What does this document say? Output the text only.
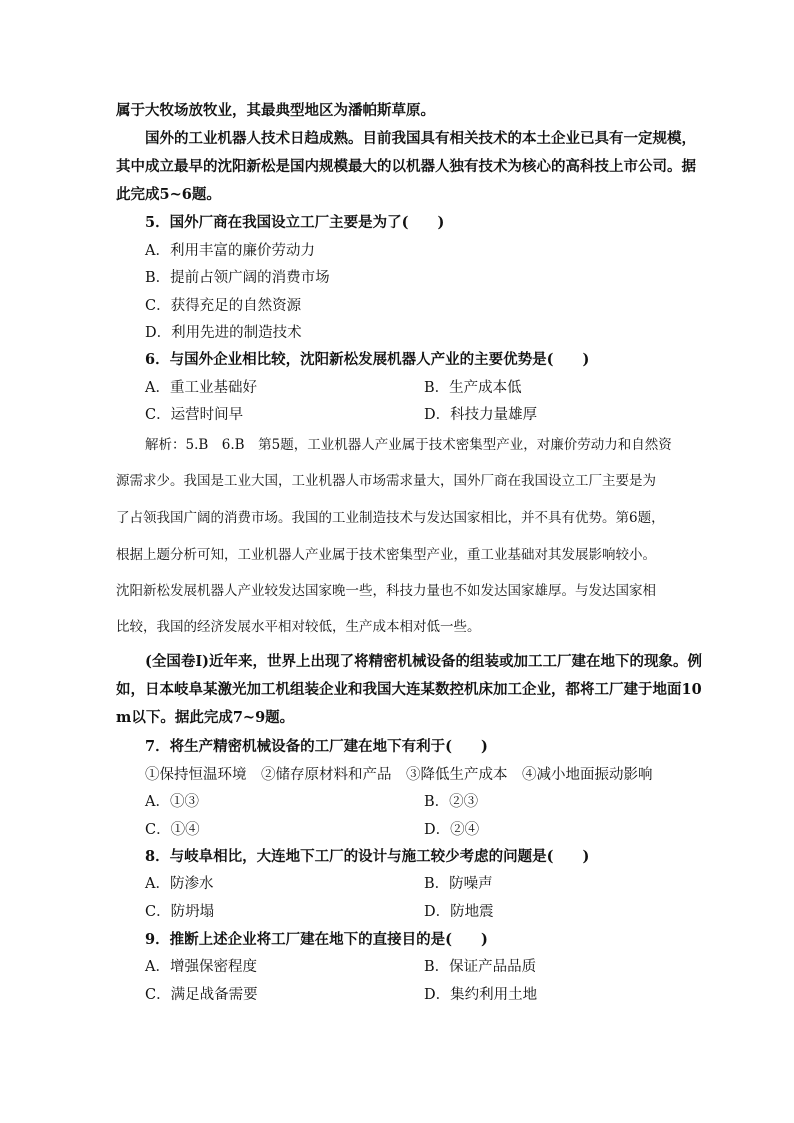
属于大牧场放牧业，其最典型地区为潘帕斯草原。
国外的工业机器人技术日趋成熟。目前我国具有相关技术的本土企业已具有一定规模，
其中成立最早的沈阳新松是国内规模最大的以机器人独有技术为核心的高科技上市公司。据
此完成5~6题。
5．国外厂商在我国设立工厂主要是为了(　　)
A．利用丰富的廉价劳动力
B．提前占领广阔的消费市场
C．获得充足的自然资源
D．利用先进的制造技术
6．与国外企业相比较，沈阳新松发展机器人产业的主要优势是(　　)
A．重工业基础好	B．生产成本低
C．运营时间早	D．科技力量雄厚
解析：5.B　6.B　第5题，工业机器人产业属于技术密集型产业，对廉价劳动力和自然资
源需求少。我国是工业大国，工业机器人市场需求量大，国外厂商在我国设立工厂主要是为
了占领我国广阔的消费市场。我国的工业制造技术与发达国家相比，并不具有优势。第6题，
根据上题分析可知，工业机器人产业属于技术密集型产业，重工业基础对其发展影响较小。
沈阳新松发展机器人产业较发达国家晚一些，科技力量也不如发达国家雄厚。与发达国家相
比较，我国的经济发展水平相对较低，生产成本相对低一些。
(全国卷Ⅰ)近年来，世界上出现了将精密机械设备的组装或加工工厂建在地下的现象。例
如，日本岐阜某激光加工机组装企业和我国大连某数控机床加工企业，都将工厂建于地面10
m以下。据此完成7~9题。
7．将生产精密机械设备的工厂建在地下有利于(　　)
①保持恒温环境　②储存原材料和产品　③降低生产成本　④减小地面振动影响
A．①③	B．②③
C．①④	D．②④
8．与岐阜相比，大连地下工厂的设计与施工较少考虑的问题是(　　)
A．防渗水	B．防噪声
C．防坍塌	D．防地震
9．推断上述企业将工厂建在地下的直接目的是(　　)
A．增强保密程度	B．保证产品品质
C．满足战备需要	D．集约利用土地
